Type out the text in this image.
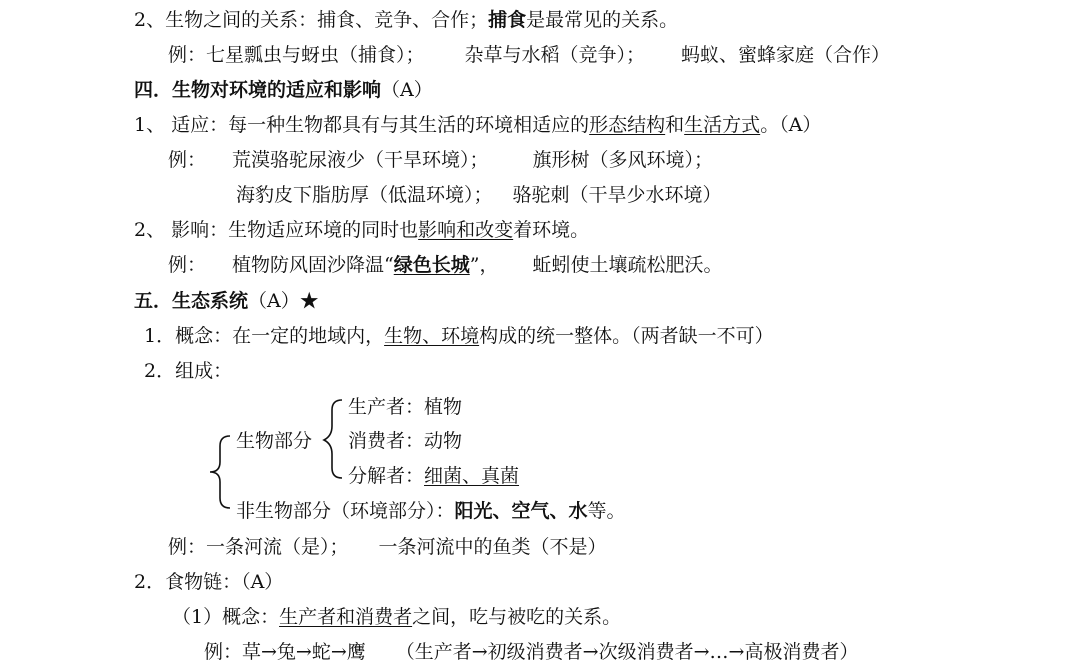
2、生物之间的关系：捕食、竞争、合作；捕食是最常见的关系。
例：七星瓢虫与蚜虫（捕食）； 杂草与水稻（竞争）； 蚂蚁、蜜蜂家庭（合作）
四．生物对环境的适应和影响（A）
1、 适应：每一种生物都具有与其生活的环境相适应的形态结构和生活方式。（A）
例： 荒漠骆驼尿液少（干旱环境）； 旗形树（多风环境）；
海豹皮下脂肪厚（低温环境）； 骆驼刺（干旱少水环境）
2、 影响：生物适应环境的同时也影响和改变着环境。
例： 植物防风固沙降温“绿色长城”， 蚯蚓使土壤疏松肥沃。
五．生态系统（A）★
1．概念：在一定的地域内，生物、环境构成的统一整体。（两者缺一不可）
2．组成：
生物部分
生产者：植物
消费者：动物
分解者：细菌、真菌
非生物部分（环境部分）：阳光、空气、水等。
例：一条河流（是）； 一条河流中的鱼类（不是）
2．食物链：（A）
（1）概念：生产者和消费者之间，吃与被吃的关系。
例：草→兔→蛇→鹰 （生产者→初级消费者→次级消费者→…→高极消费者）
